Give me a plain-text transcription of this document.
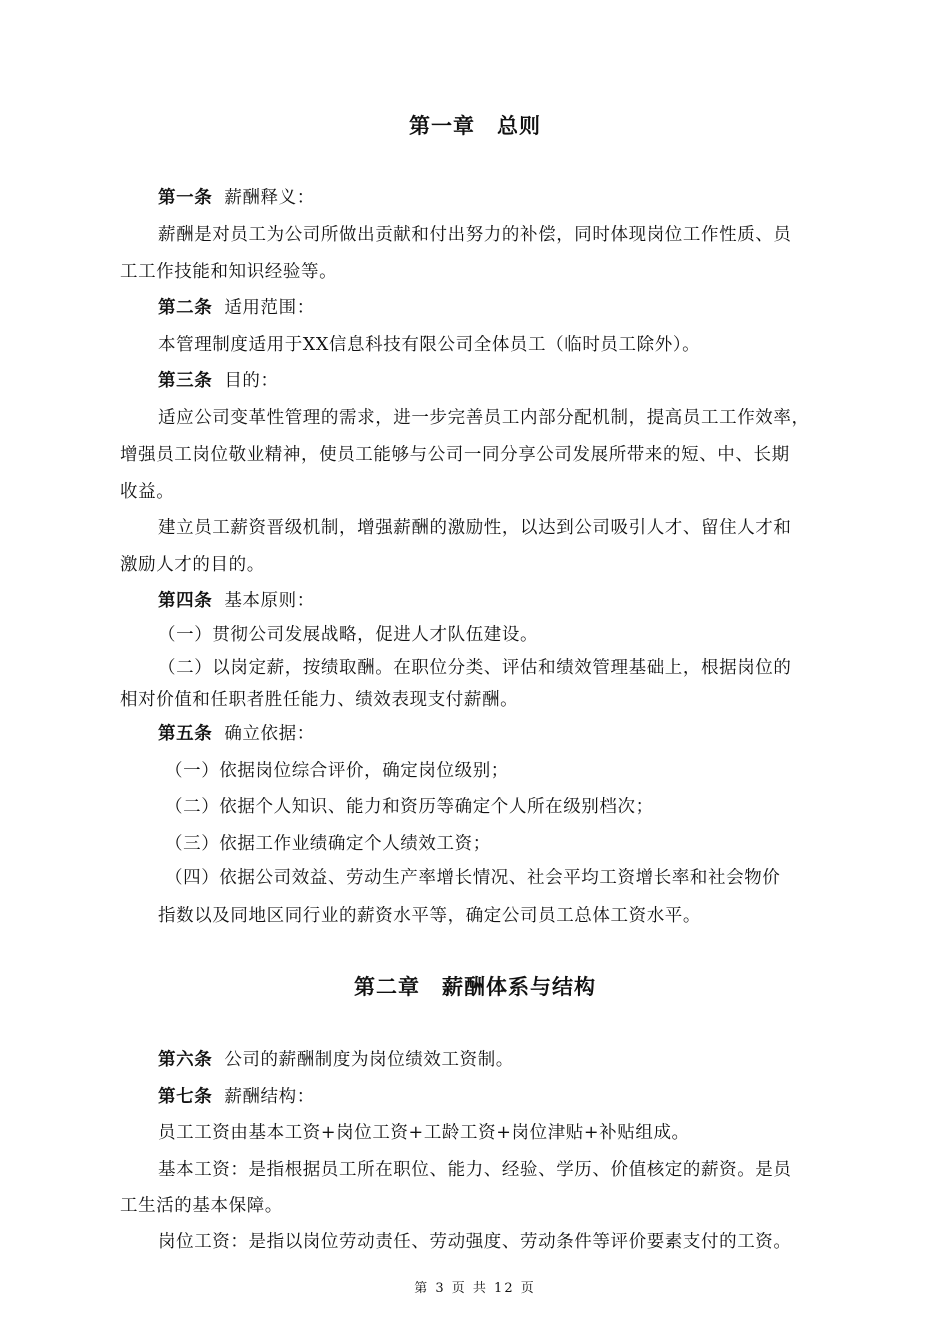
第一章　总则
第一条 薪酬释义：
薪酬是对员工为公司所做出贡献和付出努力的补偿，同时体现岗位工作性质、员
工工作技能和知识经验等。
第二条 适用范围：
本管理制度适用于XX信息科技有限公司全体员工（临时员工除外）。
第三条 目的：
适应公司变革性管理的需求，进一步完善员工内部分配机制，提高员工工作效率，
增强员工岗位敬业精神，使员工能够与公司一同分享公司发展所带来的短、中、长期
收益。
建立员工薪资晋级机制，增强薪酬的激励性，以达到公司吸引人才、留住人才和
激励人才的目的。
第四条 基本原则：
（一）贯彻公司发展战略，促进人才队伍建设。
（二）以岗定薪，按绩取酬。在职位分类、评估和绩效管理基础上，根据岗位的
相对价值和任职者胜任能力、绩效表现支付薪酬。
第五条 确立依据：
（一）依据岗位综合评价，确定岗位级别；
（二）依据个人知识、能力和资历等确定个人所在级别档次；
（三）依据工作业绩确定个人绩效工资；
（四）依据公司效益、劳动生产率增长情况、社会平均工资增长率和社会物价
指数以及同地区同行业的薪资水平等，确定公司员工总体工资水平。
第二章　薪酬体系与结构
第六条 公司的薪酬制度为岗位绩效工资制。
第七条 薪酬结构：
员工工资由基本工资+岗位工资+工龄工资+岗位津贴+补贴组成。
基本工资：是指根据员工所在职位、能力、经验、学历、价值核定的薪资。是员
工生活的基本保障。
岗位工资：是指以岗位劳动责任、劳动强度、劳动条件等评价要素支付的工资。
第 3 页 共 12 页
